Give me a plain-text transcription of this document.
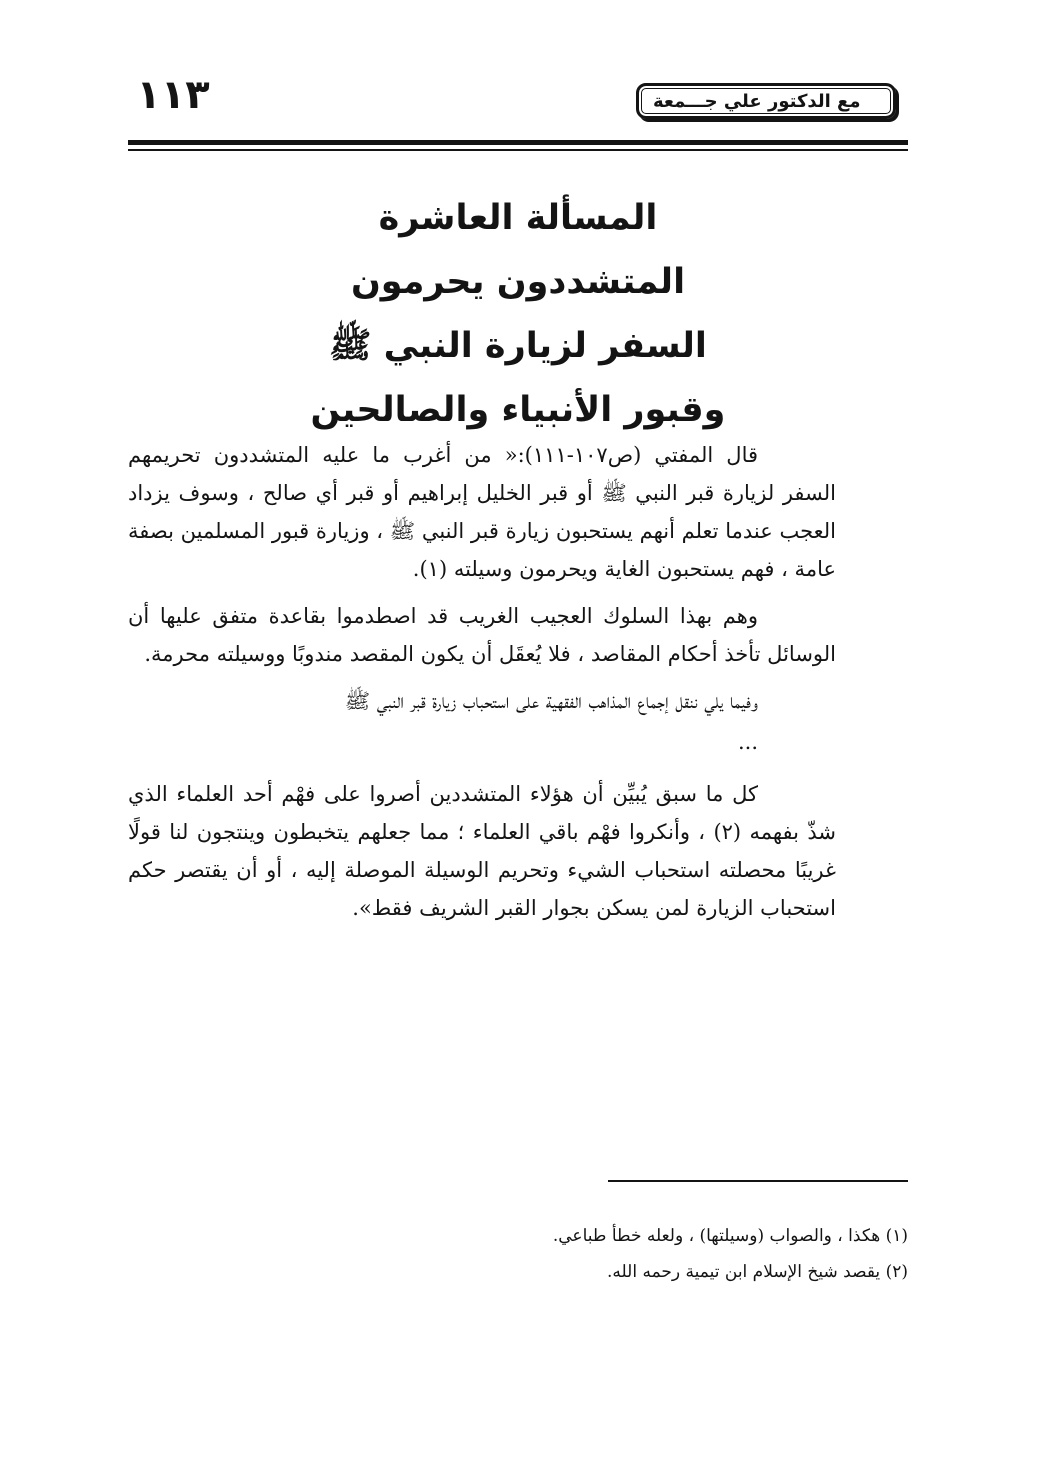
١١٣	مع الدكتور علي جـــمعة
المسألة العاشرة
المتشددون يحرمون
السفر لزيارة النبي ﷺ
وقبور الأنبياء والصالحين

قال المفتي (ص١٠٧-١١١):« من أغرب ما عليه المتشددون تحريمهم السفر لزيارة قبر النبي ﷺ أو قبر الخليل إبراهيم أو قبر أي صالح ، وسوف يزداد العجب عندما تعلم أنهم يستحبون زيارة قبر النبي ﷺ ، وزيارة قبور المسلمين بصفة عامة ، فهم يستحبون الغاية ويحرمون وسيلته (١).

وهم بهذا السلوك العجيب الغريب قد اصطدموا بقاعدة متفق عليها أن الوسائل تأخذ أحكام المقاصد ، فلا يُعقَل أن يكون المقصد مندوبًا ووسيلته محرمة.

وفيما يلي ننقل إجماع المذاهب الفقهية على استحباب زيارة قبر النبي ﷺ

...

كل ما سبق يُبيِّن أن هؤلاء المتشددين أصروا على فهْم أحد العلماء الذي شذّ بفهمه (٢) ، وأنكروا فهْم باقي العلماء ؛ مما جعلهم يتخبطون وينتجون لنا قولًا غريبًا محصلته استحباب الشيء وتحريم الوسيلة الموصلة إليه ، أو أن يقتصر حكم استحباب الزيارة لمن يسكن بجوار القبر الشريف فقط».

(١) هكذا ، والصواب (وسيلتها) ، ولعله خطأ طباعي.
(٢) يقصد شيخ الإسلام ابن تيمية رحمه الله.
